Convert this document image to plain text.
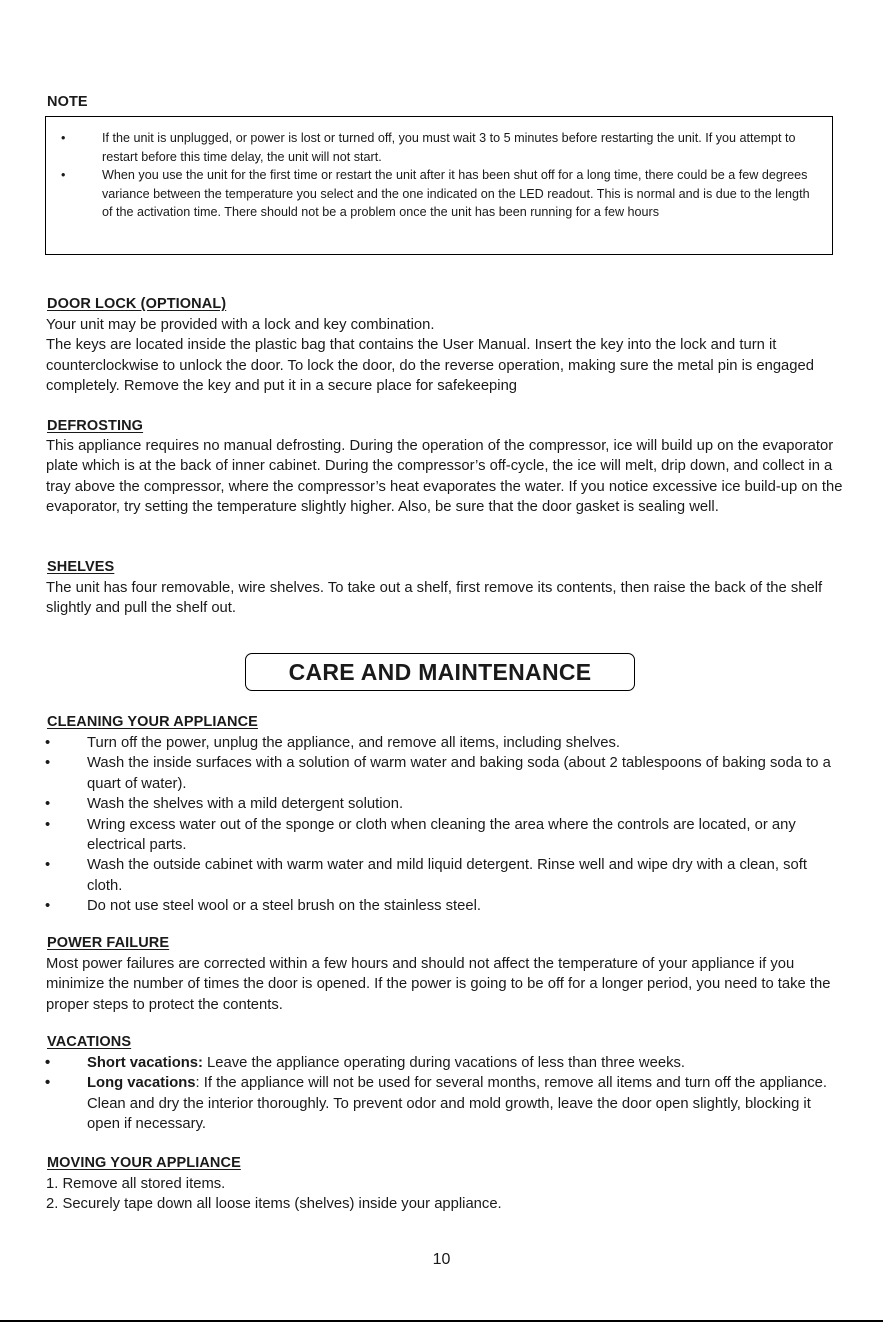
NOTE
•	If the unit is unplugged, or power is lost or turned off, you must wait 3 to 5 minutes before restarting the unit. If you attempt to restart before this time delay, the unit will not start.
•	When you use the unit for the first time or restart the unit after it has been shut off for a long time, there could be a few degrees variance between the temperature you select and the one indicated on the LED readout. This is normal and is due to the length of the activation time. There should not be a problem once the unit has been running for a few hours
DOOR LOCK (OPTIONAL)
Your unit may be provided with a lock and key combination.
The keys are located inside the plastic bag that contains the User Manual. Insert the key into the lock and turn it counterclockwise to unlock the door. To lock the door, do the reverse operation, making sure the metal pin is engaged completely. Remove the key and put it in a secure place for safekeeping
DEFROSTING
This appliance requires no manual defrosting. During the operation of the compressor, ice will build up on the evaporator plate which is at the back of inner cabinet. During the compressor’s off-cycle, the ice will melt, drip down, and collect in a tray above the compressor, where the compressor’s heat evaporates the water. If you notice excessive ice build-up on the evaporator, try setting the temperature slightly higher. Also, be sure that the door gasket is sealing well.
SHELVES
The unit has four removable, wire shelves. To take out a shelf, first remove its contents, then raise the back of the shelf slightly and pull the shelf out.
CARE AND MAINTENANCE
CLEANING YOUR APPLIANCE
• Turn off the power, unplug the appliance, and remove all items, including shelves.
• Wash the inside surfaces with a solution of warm water and baking soda (about 2 tablespoons of baking soda to a quart of water).
• Wash the shelves with a mild detergent solution.
• Wring excess water out of the sponge or cloth when cleaning the area where the controls are located, or any electrical parts.
• Wash the outside cabinet with warm water and mild liquid detergent. Rinse well and wipe dry with a clean, soft cloth.
• Do not use steel wool or a steel brush on the stainless steel.
POWER FAILURE
Most power failures are corrected within a few hours and should not affect the temperature of your appliance if you minimize the number of times the door is opened. If the power is going to be off for a longer period, you need to take the proper steps to protect the contents.
VACATIONS
• Short vacations: Leave the appliance operating during vacations of less than three weeks.
• Long vacations: If the appliance will not be used for several months, remove all items and turn off the appliance. Clean and dry the interior thoroughly. To prevent odor and mold growth, leave the door open slightly, blocking it open if necessary.
MOVING YOUR APPLIANCE
1. Remove all stored items.
2. Securely tape down all loose items (shelves) inside your appliance.
10
